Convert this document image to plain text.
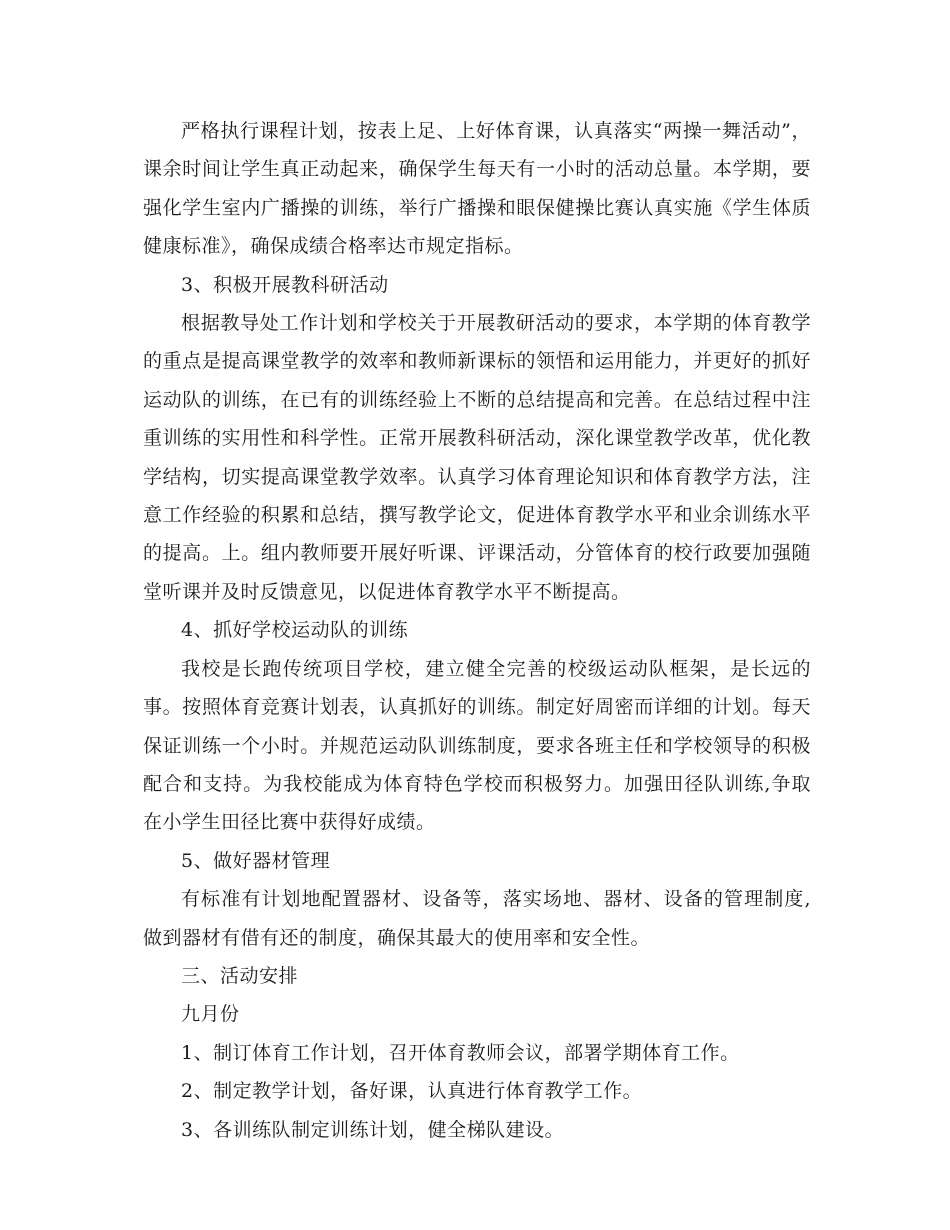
严格执行课程计划，按表上足、上好体育课，认真落实“两操一舞活动”，课余时间让学生真正动起来，确保学生每天有一小时的活动总量。本学期，要强化学生室内广播操的训练，举行广播操和眼保健操比赛认真实施《学生体质健康标准》，确保成绩合格率达市规定指标。

3、积极开展教科研活动

根据教导处工作计划和学校关于开展教研活动的要求，本学期的体育教学的重点是提高课堂教学的效率和教师新课标的领悟和运用能力，并更好的抓好运动队的训练，在已有的训练经验上不断的总结提高和完善。在总结过程中注重训练的实用性和科学性。正常开展教科研活动，深化课堂教学改革，优化教学结构，切实提高课堂教学效率。认真学习体育理论知识和体育教学方法，注意工作经验的积累和总结，撰写教学论文，促进体育教学水平和业余训练水平的提高。上。组内教师要开展好听课、评课活动，分管体育的校行政要加强随堂听课并及时反馈意见，以促进体育教学水平不断提高。

4、抓好学校运动队的训练

我校是长跑传统项目学校，建立健全完善的校级运动队框架，是长远的事。按照体育竞赛计划表，认真抓好的训练。制定好周密而详细的计划。每天保证训练一个小时。并规范运动队训练制度，要求各班主任和学校领导的积极配合和支持。为我校能成为体育特色学校而积极努力。加强田径队训练,争取在小学生田径比赛中获得好成绩。

5、做好器材管理

有标准有计划地配置器材、设备等，落实场地、器材、设备的管理制度,做到器材有借有还的制度，确保其最大的使用率和安全性。

三、活动安排

九月份

1、制订体育工作计划，召开体育教师会议，部署学期体育工作。

2、制定教学计划，备好课，认真进行体育教学工作。

3、各训练队制定训练计划，健全梯队建设。
